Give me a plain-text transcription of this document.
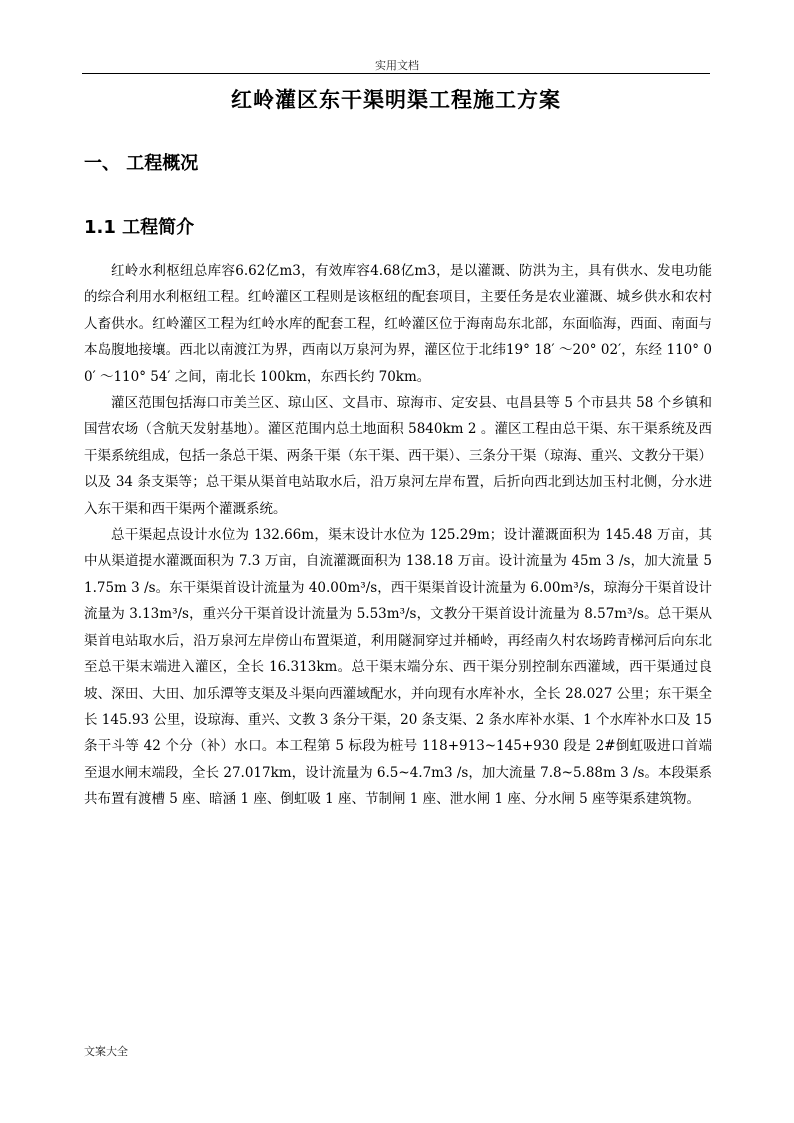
实用文档
红岭灌区东干渠明渠工程施工方案
一、 工程概况
1.1 工程简介

红岭水利枢纽总库容6.62亿m3，有效库容4.68亿m3，是以灌溉、防洪为主，具有供水、发电功能的综合利用水利枢纽工程。红岭灌区工程则是该枢纽的配套项目，主要任务是农业灌溉、城乡供水和农村人畜供水。红岭灌区工程为红岭水库的配套工程，红岭灌区位于海南岛东北部，东面临海，西面、南面与本岛腹地接壤。西北以南渡江为界，西南以万泉河为界，灌区位于北纬19° 18′ ～20° 02′，东经 110° 00′ ～110° 54′ 之间，南北长 100km，东西长约 70km。

灌区范围包括海口市美兰区、琼山区、文昌市、琼海市、定安县、屯昌县等 5 个市县共 58 个乡镇和国营农场（含航天发射基地）。灌区范围内总土地面积 5840km 2 。灌区工程由总干渠、东干渠系统及西干渠系统组成，包括一条总干渠、两条干渠（东干渠、西干渠）、三条分干渠（琼海、重兴、文教分干渠）以及 34 条支渠等；总干渠从渠首电站取水后，沿万泉河左岸布置，后折向西北到达加玉村北侧，分水进入东干渠和西干渠两个灌溉系统。

总干渠起点设计水位为 132.66m，渠末设计水位为 125.29m；设计灌溉面积为 145.48 万亩，其中从渠道提水灌溉面积为 7.3 万亩，自流灌溉面积为 138.18 万亩。设计流量为 45m 3 /s，加大流量 51.75m 3 /s。东干渠渠首设计流量为 40.00m³/s，西干渠渠首设计流量为 6.00m³/s，琼海分干渠首设计流量为 3.13m³/s，重兴分干渠首设计流量为 5.53m³/s，文教分干渠首设计流量为 8.57m³/s。总干渠从渠首电站取水后，沿万泉河左岸傍山布置渠道，利用隧洞穿过并桶岭，再经南久村农场跨青梯河后向东北至总干渠末端进入灌区，全长 16.313km。总干渠末端分东、西干渠分别控制东西灌域，西干渠通过良坡、深田、大田、加乐潭等支渠及斗渠向西灌域配水，并向现有水库补水，全长 28.027 公里；东干渠全长 145.93 公里，设琼海、重兴、文教 3 条分干渠，20 条支渠、2 条水库补水渠、1 个水库补水口及 15 条干斗等 42 个分（补）水口。本工程第 5 标段为桩号 118+913~145+930 段是 2#倒虹吸进口首端至退水闸末端段，全长 27.017km，设计流量为 6.5~4.7m3 /s，加大流量 7.8~5.88m 3 /s。本段渠系共布置有渡槽 5 座、暗涵 1 座、倒虹吸 1 座、节制闸 1 座、泄水闸 1 座、分水闸 5 座等渠系建筑物。

文案大全
